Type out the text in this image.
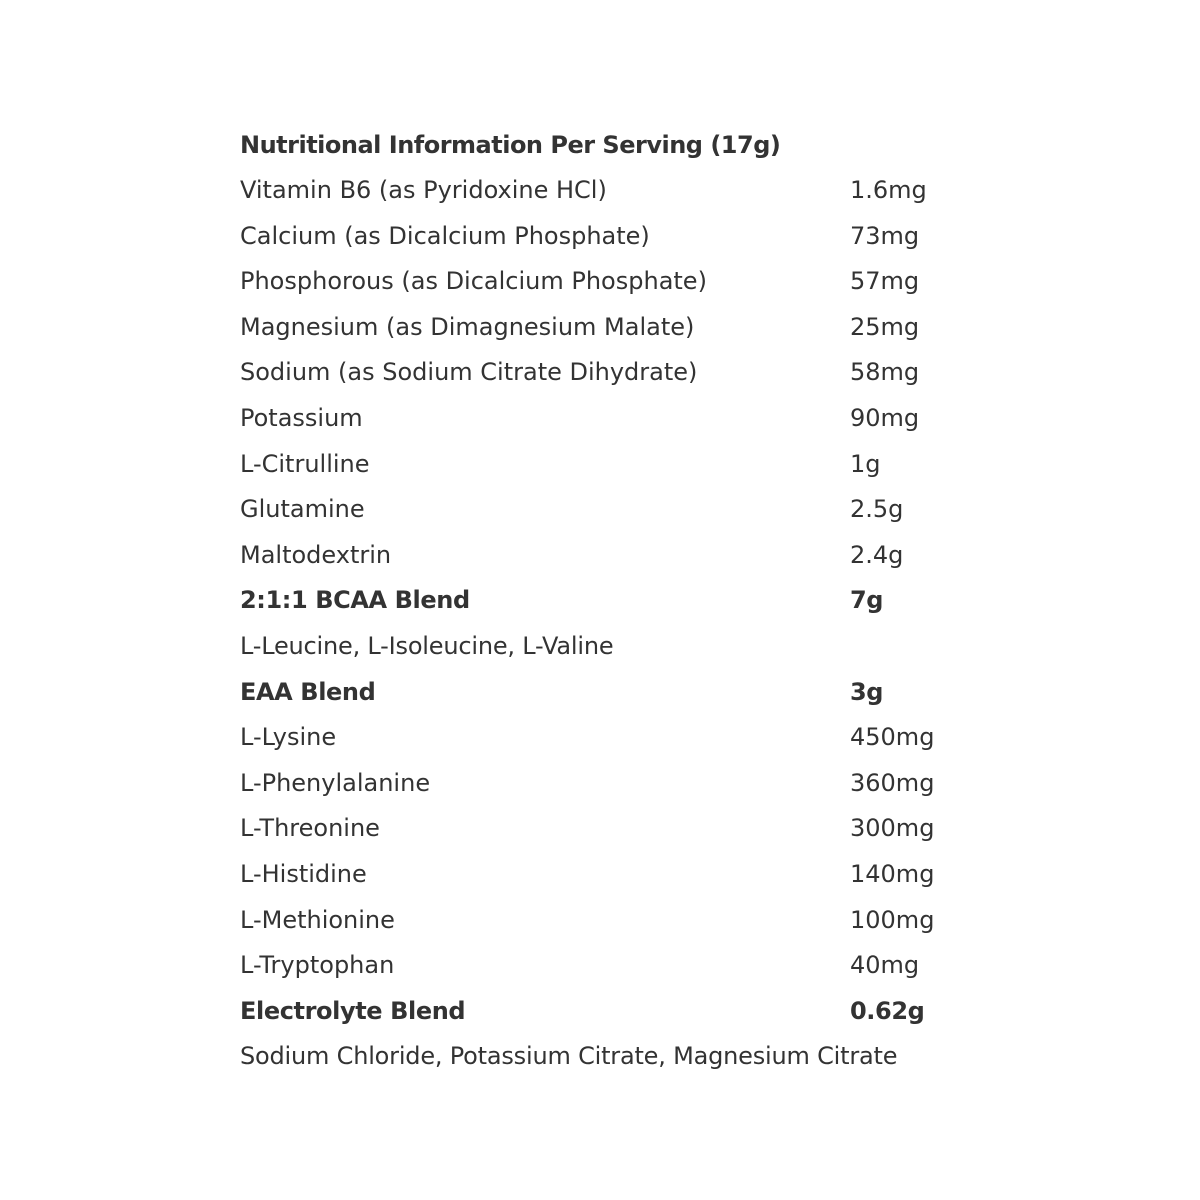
Nutritional Information Per Serving (17g)
Vitamin B6 (as Pyridoxine HCl)	1.6mg
Calcium (as Dicalcium Phosphate)	73mg
Phosphorous (as Dicalcium Phosphate)	57mg
Magnesium (as Dimagnesium Malate)	25mg
Sodium (as Sodium Citrate Dihydrate)	58mg
Potassium	90mg
L-Citrulline	1g
Glutamine	2.5g
Maltodextrin	2.4g
2:1:1 BCAA Blend	7g
L-Leucine, L-Isoleucine, L-Valine
EAA Blend	3g
L-Lysine	450mg
L-Phenylalanine	360mg
L-Threonine	300mg
L-Histidine	140mg
L-Methionine	100mg
L-Tryptophan	40mg
Electrolyte Blend	0.62g
Sodium Chloride, Potassium Citrate, Magnesium Citrate
